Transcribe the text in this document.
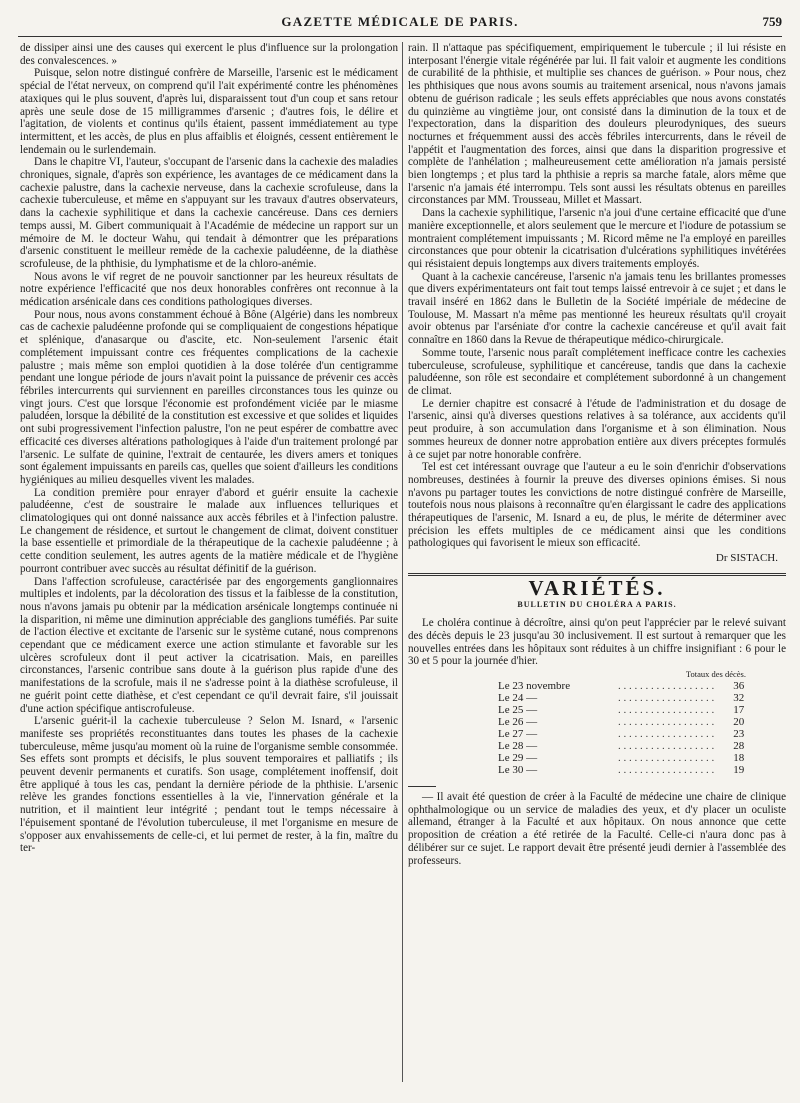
GAZETTE MÉDICALE DE PARIS.	759

de dissiper ainsi une des causes qui exercent le plus d'influence sur la prolongation des convalescences. »

Puisque, selon notre distingué confrère de Marseille, l'arsenic est le médicament spécial de l'état nerveux, on comprend qu'il l'ait expérimenté contre les phénomènes ataxiques qui le plus souvent, d'après lui, disparaissent tout d'un coup et sans retour après une seule dose de 15 milligrammes d'arsenic ; d'autres fois, le délire et l'agitation, de violents et continus qu'ils étaient, passent immédiatement au type intermittent, et les accès, de plus en plus affaiblis et éloignés, cessent entièrement le lendemain ou le surlendemain.

Dans le chapitre VI, l'auteur, s'occupant de l'arsenic dans la cachexie des maladies chroniques, signale, d'après son expérience, les avantages de ce médicament dans la cachexie palustre, dans la cachexie nerveuse, dans la cachexie scrofuleuse, dans la cachexie tuberculeuse, et même en s'appuyant sur les travaux d'autres observateurs, dans la cachexie syphilitique et dans la cachexie cancéreuse. Dans ces derniers temps aussi, M. Gibert communiquait à l'Académie de médecine un rapport sur un mémoire de M. le docteur Wahu, qui tendait à démontrer que les préparations d'arsenic constituent le meilleur remède de la cachexie paludéenne, de la diathèse scrofuleuse, de la phthisie, du lymphatisme et de la chloro-anémie.

Nous avons le vif regret de ne pouvoir sanctionner par les heureux résultats de notre expérience l'efficacité que nos deux honorables confrères ont reconnue à la médication arsénicale dans ces conditions pathologiques diverses.

Pour nous, nous avons constamment échoué à Bône (Algérie) dans les nombreux cas de cachexie paludéenne profonde qui se compliquaient de congestions hépatique et splénique, d'anasarque ou d'ascite, etc. Non-seulement l'arsenic était complétement impuissant contre ces fréquentes complications de la cachexie palustre ; mais même son emploi quotidien à la dose tolérée d'un centigramme pendant une longue période de jours n'avait point la puissance de prévenir ces accès fébriles intercurrents qui surviennent en pareilles circonstances tous les quinze ou vingt jours. C'est que lorsque l'économie est profondément viciée par le miasme paludéen, lorsque la débilité de la constitution est excessive et que solides et liquides ont subi progressivement l'infection palustre, l'on ne peut espérer de combattre avec efficacité ces diverses altérations pathologiques à l'aide d'un traitement prolongé par l'arsenic. Le sulfate de quinine, l'extrait de centaurée, les divers amers et toniques sont également impuissants en pareils cas, quelles que soient d'ailleurs les conditions hygiéniques au milieu desquelles vivent les malades.

La condition première pour enrayer d'abord et guérir ensuite la cachexie paludéenne, c'est de soustraire le malade aux influences telluriques et climatologiques qui ont donné naissance aux accès fébriles et à l'infection palustre. Le changement de résidence, et surtout le changement de climat, doivent constituer la base essentielle et primordiale de la thérapeutique de la cachexie paludéenne ; à cette condition seulement, les autres agents de la matière médicale et de l'hygiène pourront contribuer avec succès au résultat définitif de la guérison.

Dans l'affection scrofuleuse, caractérisée par des engorgements ganglionnaires multiples et indolents, par la décoloration des tissus et la faiblesse de la constitution, nous n'avons jamais pu obtenir par la médication arsénicale longtemps continuée ni la disparition, ni même une diminution appréciable des ganglions tuméfiés. Par suite de l'action élective et excitante de l'arsenic sur le système cutané, nous comprenons cependant que ce médicament exerce une action stimulante et favorable sur les ulcères scrofuleux dont il peut activer la cicatrisation. Mais, en pareilles circonstances, l'arsenic contribue sans doute à la guérison plus rapide d'une des manifestations de la scrofule, mais il ne s'adresse point à la diathèse scrofuleuse, il ne guérit point cette diathèse, et c'est cependant ce qu'il devrait faire, s'il jouissait d'une action spécifique antiscrofuleuse.

L'arsenic guérit-il la cachexie tuberculeuse ? Selon M. Isnard, « l'arsenic manifeste ses propriétés reconstituantes dans toutes les phases de la cachexie tuberculeuse, même jusqu'au moment où la ruine de l'organisme semble consommée. Ses effets sont prompts et décisifs, le plus souvent temporaires et palliatifs ; ils peuvent devenir permanents et curatifs. Son usage, complétement inoffensif, doit être appliqué à tous les cas, pendant la dernière période de la phthisie. L'arsenic relève les grandes fonctions essentielles à la vie, l'innervation générale et la nutrition, et il maintient leur intégrité ; pendant tout le temps nécessaire à l'épuisement spontané de l'évolution tuberculeuse, il met l'organisme en mesure de s'opposer aux envahissements de celle-ci, et lui permet de rester, à la fin, maître du ter-

rain. Il n'attaque pas spécifiquement, empiriquement le tubercule ; il lui résiste en interposant l'énergie vitale régénérée par lui. Il fait valoir et augmente les conditions de curabilité de la phthisie, et multiplie ses chances de guérison. » Pour nous, chez les phthisiques que nous avons soumis au traitement arsenical, nous n'avons jamais obtenu de guérison radicale ; les seuls effets appréciables que nous avons constatés du quinzième au vingtième jour, ont consisté dans la diminution de la toux et de l'expectoration, dans la disparition des douleurs pleurodyniques, des sueurs nocturnes et fréquemment aussi des accès fébriles intercurrents, dans le réveil de l'appétit et l'augmentation des forces, ainsi que dans la disparition progressive et complète de l'anhélation ; malheureusement cette amélioration n'a jamais persisté bien longtemps ; et plus tard la phthisie a repris sa marche fatale, alors même que l'arsenic n'a jamais été interrompu. Tels sont aussi les résultats obtenus en pareilles circonstances par MM. Trousseau, Millet et Massart.

Dans la cachexie syphilitique, l'arsenic n'a joui d'une certaine efficacité que d'une manière exceptionnelle, et alors seulement que le mercure et l'iodure de potassium se montraient complétement impuissants ; M. Ricord même ne l'a employé en pareilles circonstances que pour obtenir la cicatrisation d'ulcérations syphilitiques invétérées qui résistaient depuis longtemps aux divers traitements employés.

Quant à la cachexie cancéreuse, l'arsenic n'a jamais tenu les brillantes promesses que divers expérimentateurs ont fait tout temps laissé entrevoir à ce sujet ; et dans le travail inséré en 1862 dans le Bulletin de la Société impériale de médecine de Toulouse, M. Massart n'a même pas mentionné les heureux résultats qu'il croyait avoir obtenus par l'arséniate d'or contre la cachexie cancéreuse et qu'il avait fait connaître en 1860 dans la Revue de thérapeutique médico-chirurgicale.

Somme toute, l'arsenic nous paraît complétement inefficace contre les cachexies tuberculeuse, scrofuleuse, syphilitique et cancéreuse, tandis que dans la cachexie paludéenne, son rôle est secondaire et complétement subordonné à un changement de climat.

Le dernier chapitre est consacré à l'étude de l'administration et du dosage de l'arsenic, ainsi qu'à diverses questions relatives à sa tolérance, aux accidents qu'il peut produire, à son accumulation dans l'organisme et à son élimination. Nous sommes heureux de donner notre approbation entière aux divers préceptes formulés à ce sujet par notre honorable confrère.

Tel est cet intéressant ouvrage que l'auteur a eu le soin d'enrichir d'observations nombreuses, destinées à fournir la preuve des diverses opinions émises. Si nous n'avons pu partager toutes les convictions de notre distingué confrère de Marseille, toutefois nous nous plaisons à reconnaître qu'en élargissant le cadre des applications thérapeutiques de l'arsenic, M. Isnard a eu, de plus, le mérite de déterminer avec précision les effets multiples de ce médicament ainsi que les conditions pathologiques qui favorisent le mieux son efficacité.

Dr SISTACH.
VARIÉTÉS.
BULLETIN DU CHOLÉRA A PARIS.

Le choléra continue à décroître, ainsi qu'on peut l'apprécier par le relevé suivant des décès depuis le 23 jusqu'au 30 inclusivement. Il est surtout à remarquer que les nouvelles entrées dans les hôpitaux sont réduites à un chiffre insignifiant : 6 pour le 30 et 5 pour la journée d'hier.

Totaux des décès.
Le 23 novembre	. . . . . . . . . . . . . . . . . .	36
Le 24 —	. . . . . . . . . . . . . . . . . .	32
Le 25 —	. . . . . . . . . . . . . . . . . .	17
Le 26 —	. . . . . . . . . . . . . . . . . .	20
Le 27 —	. . . . . . . . . . . . . . . . . .	23
Le 28 —	. . . . . . . . . . . . . . . . . .	28
Le 29 —	. . . . . . . . . . . . . . . . . .	18
Le 30 —	. . . . . . . . . . . . . . . . . .	19

— Il avait été question de créer à la Faculté de médecine une chaire de clinique ophthalmologique ou un service de maladies des yeux, et d'y placer un oculiste allemand, étranger à la Faculté et aux hôpitaux. On nous annonce que cette proposition de création a été retirée de la Faculté. Celle-ci n'aura donc pas à délibérer sur ce sujet. Le rapport devait être présenté jeudi dernier à l'assemblée des professeurs.
